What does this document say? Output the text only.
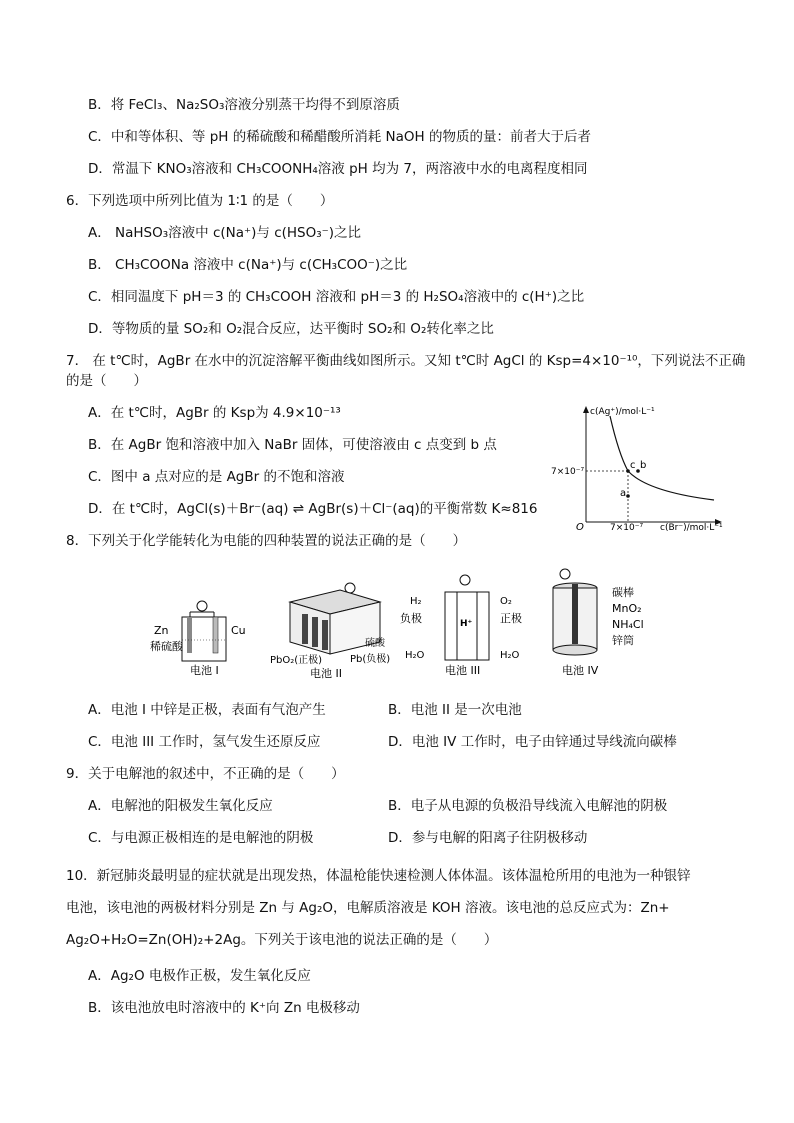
B．将 FeCl₃、Na₂SO₃溶液分别蒸干均得不到原溶质
C．中和等体积、等 pH 的稀硫酸和稀醋酸所消耗 NaOH 的物质的量：前者大于后者
D．常温下 KNO₃溶液和 CH₃COONH₄溶液 pH 均为 7，两溶液中水的电离程度相同
6．下列选项中所列比值为 1∶1 的是（　　）
A． NaHSO₃溶液中 c(Na⁺)与 c(HSO₃⁻)之比
B． CH₃COONa 溶液中 c(Na⁺)与 c(CH₃COO⁻)之比
C．相同温度下 pH＝3 的 CH₃COOH 溶液和 pH＝3 的 H₂SO₄溶液中的 c(H⁺)之比
D．等物质的量 SO₂和 O₂混合反应，达平衡时 SO₂和 O₂转化率之比
7． 在 t℃时，AgBr 在水中的沉淀溶解平衡曲线如图所示。又知 t℃时 AgCl 的 Ksp=4×10⁻¹⁰，下列说法不正确
的是（　　）
A．在 t℃时，AgBr 的 Ksp为 4.9×10⁻¹³
B．在 AgBr 饱和溶液中加入 NaBr 固体，可使溶液由 c 点变到 b 点
C．图中 a 点对应的是 AgBr 的不饱和溶液
D．在 t℃时，AgCl(s)＋Br⁻(aq) ⇌ AgBr(s)＋Cl⁻(aq)的平衡常数 K≈816
c(Ag⁺)/mol·L⁻¹
c(Br⁻)/mol·L⁻¹
7×10⁻⁷
7×10⁻⁷
O
c b
a
8．下列关于化学能转化为电能的四种装置的说法正确的是（　　）
Zn	Cu
稀硫酸
电池 I
PbO₂(正极)
硫酸
Pb(负极)
电池 II
H₂	O₂
负极	正极
H⁺
H₂O	H₂O
电池 III
碳棒
MnO₂
NH₄Cl
锌筒
电池 IV
A．电池 I 中锌是正极，表面有气泡产生	B．电池 II 是一次电池
C．电池 III 工作时，氢气发生还原反应	D．电池 IV 工作时，电子由锌通过导线流向碳棒
9．关于电解池的叙述中，不正确的是（　　）
A．电解池的阳极发生氧化反应	B．电子从电源的负极沿导线流入电解池的阴极
C．与电源正极相连的是电解池的阴极	D．参与电解的阳离子往阴极移动
10．新冠肺炎最明显的症状就是出现发热，体温枪能快速检测人体体温。该体温枪所用的电池为一种银锌
电池，该电池的两极材料分别是 Zn 与 Ag₂O，电解质溶液是 KOH 溶液。该电池的总反应式为：Zn+
Ag₂O+H₂O=Zn(OH)₂+2Ag。下列关于该电池的说法正确的是（　　）
A．Ag₂O 电极作正极，发生氧化反应
B．该电池放电时溶液中的 K⁺向 Zn 电极移动
